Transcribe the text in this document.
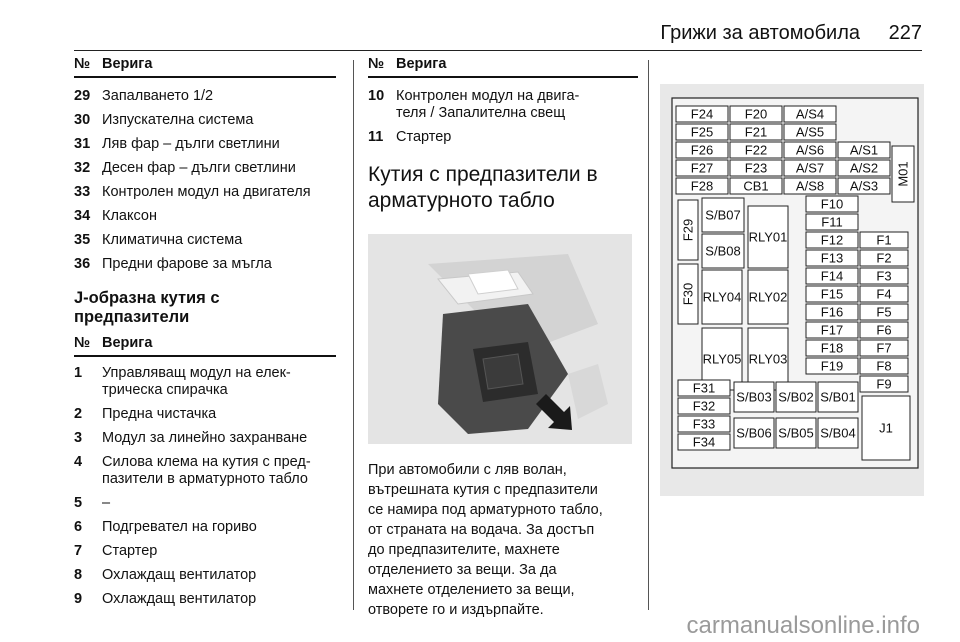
Грижи за автомобила 227
№ Верига
29 Запалването 1/2
30 Изпускателна система
31 Ляв фар – дълги светлини
32 Десен фар – дълги светлини
33 Контролен модул на двигателя
34 Клаксон
35 Климатична система
36 Предни фарове за мъгла
J-образна кутия с предпазители
№ Верига
1	Управляващ модул на елек-
трическа спирачка
2	Предна чистачка
3	Модул за линейно захранване
4	Силова клема на кутия с пред-
пазители в арматурното табло
5	–
6	Подгревател на гориво
7	Стартер
8	Охлаждащ вентилатор
9	Охлаждащ вентилатор
№ Верига
10 Контролен модул на двига-
теля / Запалителна свещ
11 Стартер
Кутия с предпазители в
арматурното табло
При автомобили с ляв волан,
вътрешната кутия с предпазители
се намира под арматурното табло,
от страната на водача. За достъп
до предпазителите, махнете
отделението за вещи. За да
махнете отделението за вещи,
отворете го и издърпайте.
F24 F20 A/S4
F25 F21 A/S5
F26 F22 A/S6 A/S1
F27 F23 A/S7 A/S2
F28 CB1 A/S8 A/S3 M01
F29
F30
S/B07
S/B08
RLY01
RLY04 RLY02
RLY05 RLY03
F10
F11
F12	F1
F13	F2
F14	F3
F15	F4
F16	F5
F17	F6
F18	F7
F19	F8
F9
F31
F32
F33
F34
S/B03 S/B02 S/B01
S/B06 S/B05 S/B04 J1
carmanualsonline.info
